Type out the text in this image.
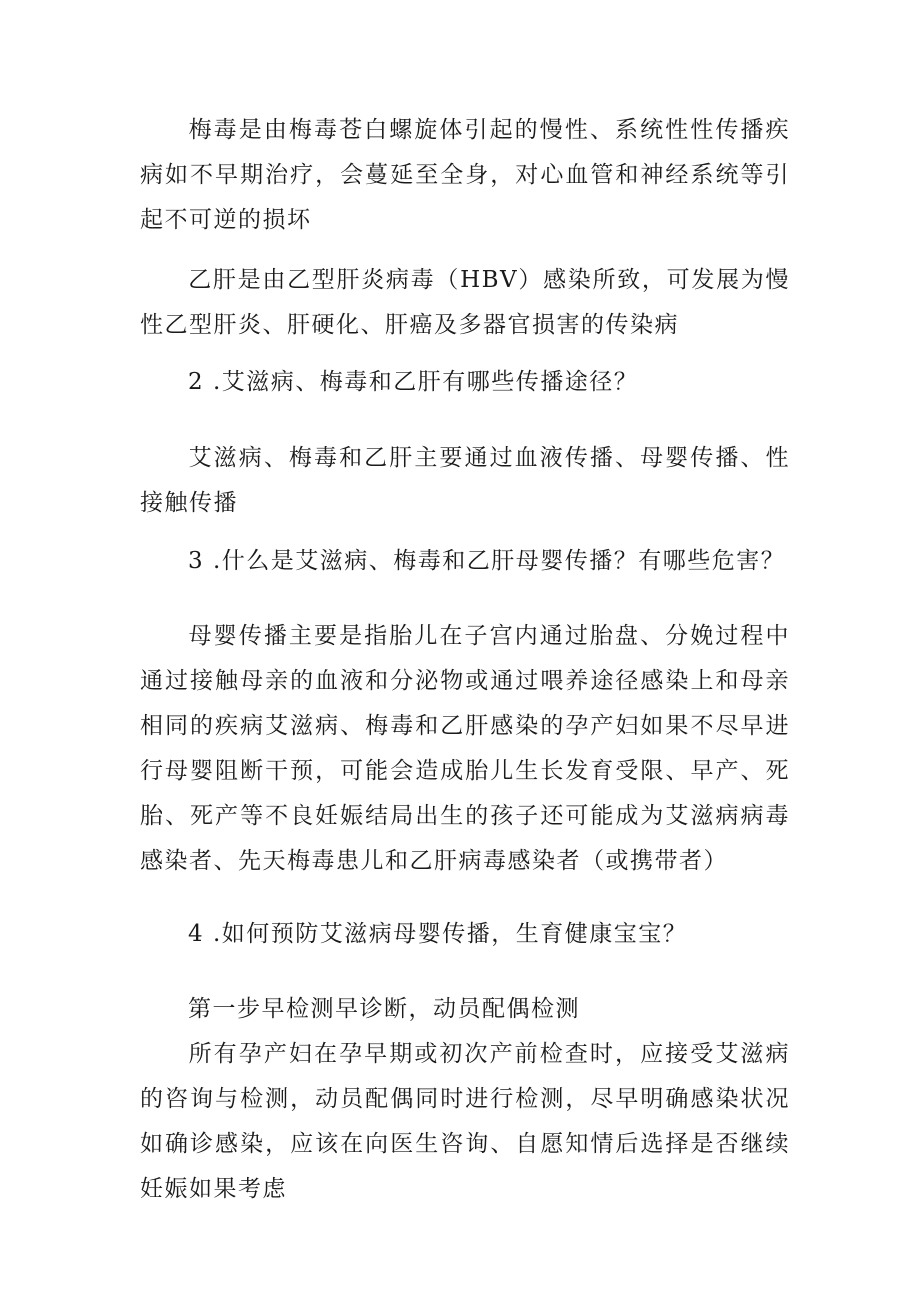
梅毒是由梅毒苍白螺旋体引起的慢性、系统性性传播疾病如不早期治疗，会蔓延至全身，对心血管和神经系统等引起不可逆的损坏

乙肝是由乙型肝炎病毒（HBV）感染所致，可发展为慢性乙型肝炎、肝硬化、肝癌及多器官损害的传染病

2 .艾滋病、梅毒和乙肝有哪些传播途径？

艾滋病、梅毒和乙肝主要通过血液传播、母婴传播、性接触传播

3 .什么是艾滋病、梅毒和乙肝母婴传播？有哪些危害？

母婴传播主要是指胎儿在子宫内通过胎盘、分娩过程中通过接触母亲的血液和分泌物或通过喂养途径感染上和母亲相同的疾病艾滋病、梅毒和乙肝感染的孕产妇如果不尽早进行母婴阻断干预，可能会造成胎儿生长发育受限、早产、死胎、死产等不良妊娠结局出生的孩子还可能成为艾滋病病毒感染者、先天梅毒患儿和乙肝病毒感染者（或携带者）

4 .如何预防艾滋病母婴传播，生育健康宝宝？
第一步早检测早诊断，动员配偶检测

所有孕产妇在孕早期或初次产前检查时，应接受艾滋病的咨询与检测，动员配偶同时进行检测，尽早明确感染状况如确诊感染，应该在向医生咨询、自愿知情后选择是否继续妊娠如果考虑
